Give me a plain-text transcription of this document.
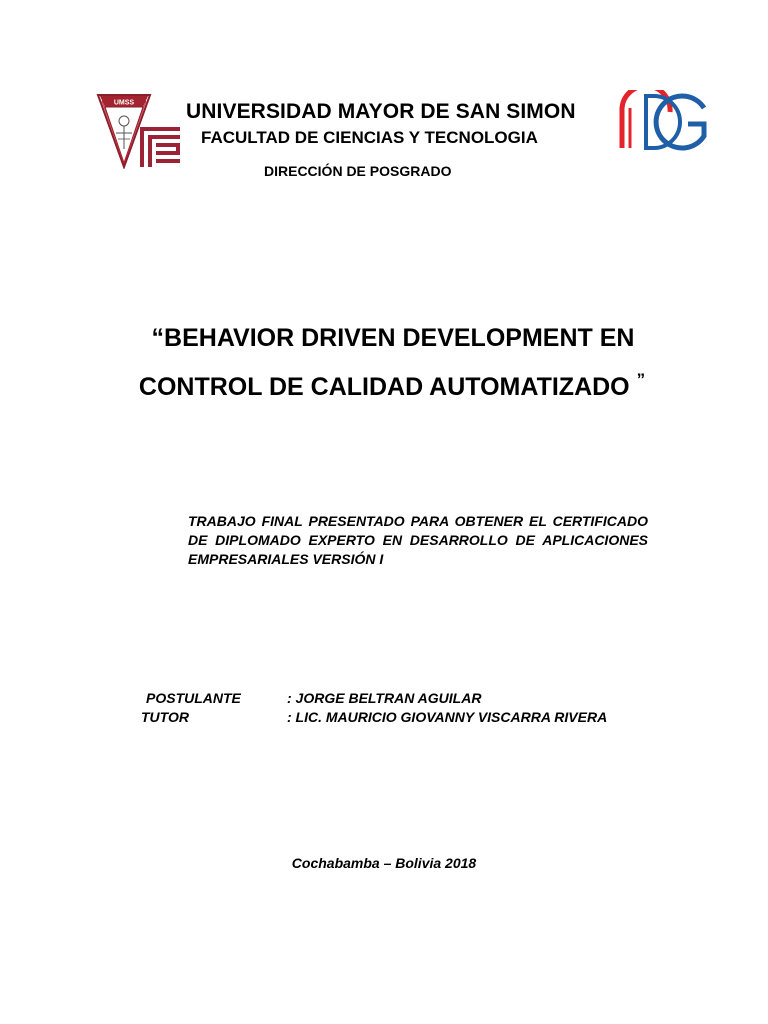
UMSS UNIVERSIDAD MAYOR DE SAN SIMON
FACULTAD DE CIENCIAS Y TECNOLOGIA
DIRECCIÓN DE POSGRADO
“BEHAVIOR DRIVEN DEVELOPMENT EN
CONTROL DE CALIDAD AUTOMATIZADO ”
TRABAJO FINAL PRESENTADO PARA OBTENER EL CERTIFICADO DE DIPLOMADO EXPERTO EN DESARROLLO DE APLICACIONES EMPRESARIALES VERSIÓN I
POSTULANTE	: JORGE BELTRAN AGUILAR
TUTOR	: LIC. MAURICIO GIOVANNY VISCARRA RIVERA
Cochabamba – Bolivia 2018
